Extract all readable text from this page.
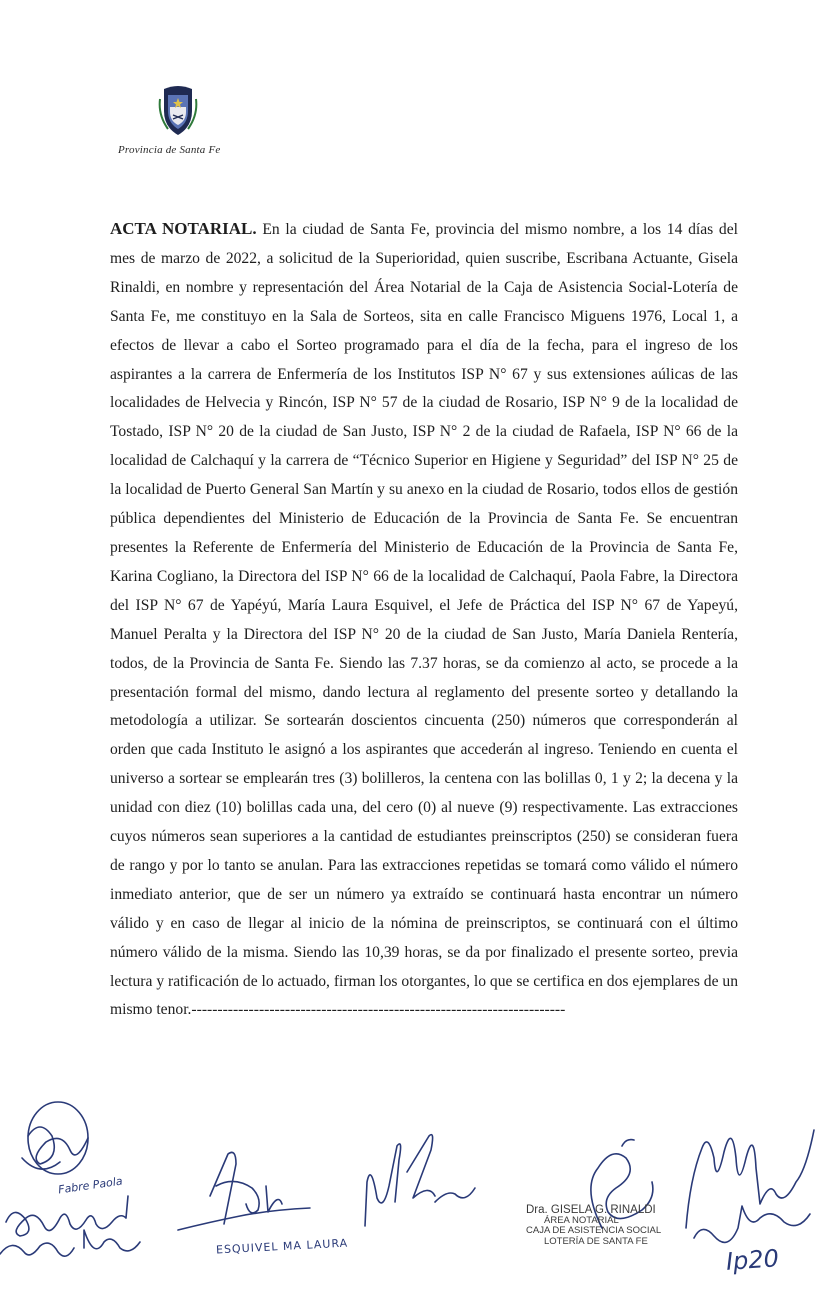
Provincia de Santa Fe
ACTA NOTARIAL. En la ciudad de Santa Fe, provincia del mismo nombre, a los 14 días del mes de marzo de 2022, a solicitud de la Superioridad, quien suscribe, Escribana Actuante, Gisela Rinaldi, en nombre y representación del Área Notarial de la Caja de Asistencia Social-Lotería de Santa Fe, me constituyo en la Sala de Sorteos, sita en calle Francisco Miguens 1976, Local 1, a efectos de llevar a cabo el Sorteo programado para el día de la fecha, para el ingreso de los aspirantes a la carrera de Enfermería de los Institutos ISP N° 67 y sus extensiones aúlicas de las localidades de Helvecia y Rincón, ISP N° 57 de la ciudad de Rosario, ISP N° 9 de la localidad de Tostado, ISP N° 20 de la ciudad de San Justo, ISP N° 2 de la ciudad de Rafaela, ISP N° 66 de la localidad de Calchaquí y la carrera de “Técnico Superior en Higiene y Seguridad” del ISP N° 25 de la localidad de Puerto General San Martín y su anexo en la ciudad de Rosario, todos ellos de gestión pública dependientes del Ministerio de Educación de la Provincia de Santa Fe. Se encuentran presentes la Referente de Enfermería del Ministerio de Educación de la Provincia de Santa Fe, Karina Cogliano, la Directora del ISP N° 66 de la localidad de Calchaquí, Paola Fabre, la Directora del ISP N° 67 de Yapéyú, María Laura Esquivel, el Jefe de Práctica del ISP N° 67 de Yapeyú, Manuel Peralta y la Directora del ISP N° 20 de la ciudad de San Justo, María Daniela Rentería, todos, de la Provincia de Santa Fe. Siendo las 7.37 horas, se da comienzo al acto, se procede a la presentación formal del mismo, dando lectura al reglamento del presente sorteo y detallando la metodología a utilizar. Se sortearán doscientos cincuenta (250) números que corresponderán al orden que cada Instituto le asignó a los aspirantes que accederán al ingreso. Teniendo en cuenta el universo a sortear se emplearán tres (3) bolilleros, la centena con las bolillas 0, 1 y 2; la decena y la unidad con diez (10) bolillas cada una, del cero (0) al nueve (9) respectivamente. Las extracciones cuyos números sean superiores a la cantidad de estudiantes preinscriptos (250) se consideran fuera de rango y por lo tanto se anulan. Para las extracciones repetidas se tomará como válido el número inmediato anterior, que de ser un número ya extraído se continuará hasta encontrar un número válido y en caso de llegar al inicio de la nómina de preinscriptos, se continuará con el último número válido de la misma. Siendo las 10,39 horas, se da por finalizado el presente sorteo, previa lectura y ratificación de lo actuado, firman los otorgantes, lo que se certifica en dos ejemplares de un mismo tenor.------------------------------------------------------------------------
Fabre Paola
ESQUIVEL MA LAURA
Dra. GISELA G. RINALDI
ÁREA NOTARIAL
CAJA DE ASISTENCIA SOCIAL
LOTERÍA DE SANTA FE
Ip20
